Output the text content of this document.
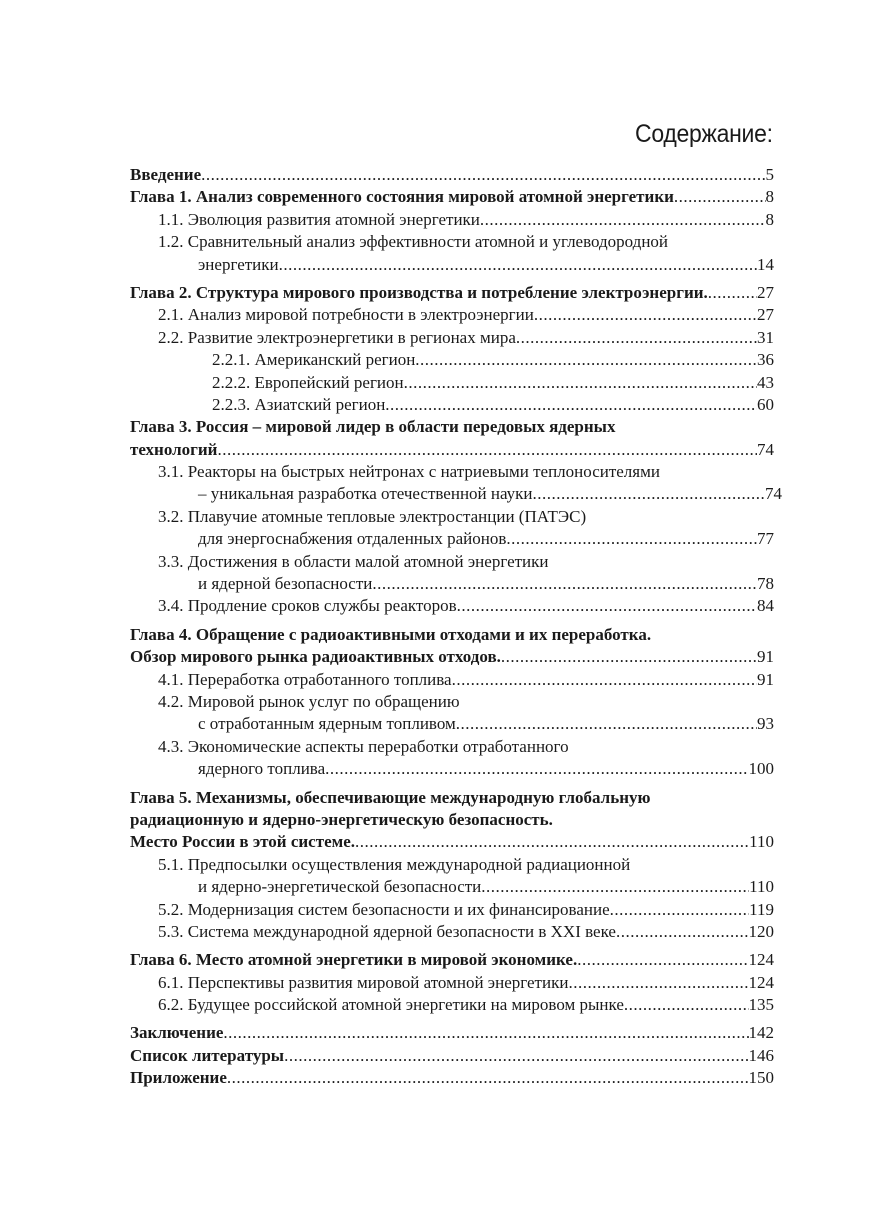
Содержание:
Введение .....	5
Глава 1. Анализ современного состояния мировой атомной энергетики .....	8
1.1. Эволюция развития атомной энергетики .....	8
1.2. Сравнительный анализ эффективности атомной и углеводородной
энергетики .....	14
Глава 2. Структура мирового производства и потребление электроэнергии. .....	27
2.1. Анализ мировой потребности в электроэнергии .....	27
2.2. Развитие электроэнергетики в регионах мира .....	31
2.2.1. Американский регион .....	36
2.2.2. Европейский регион .....	43
2.2.3. Азиатский регион .....	60
Глава 3. Россия – мировой лидер в области передовых ядерных
технологий .....	74
3.1. Реакторы на быстрых нейтронах с натриевыми теплоносителями
– уникальная разработка отечественной науки .....	74
3.2. Плавучие атомные тепловые электростанции (ПАТЭС)
для энергоснабжения отдаленных районов .....	77
3.3. Достижения в области малой атомной энергетики
и ядерной безопасности .....	78
3.4. Продление сроков службы реакторов .....	84
Глава 4. Обращение с радиоактивными отходами и их переработка.
Обзор мирового рынка радиоактивных отходов. .....	91
4.1. Переработка отработанного топлива .....	91
4.2. Мировой рынок услуг по обращению
с отработанным ядерным топливом .....	93
4.3. Экономические аспекты переработки отработанного
ядерного топлива .....	100
Глава 5. Механизмы, обеспечивающие международную глобальную
радиационную и ядерно-энергетическую безопасность.
Место России в этой системе. .....	110
5.1. Предпосылки осуществления международной радиационной
и ядерно-энергетической безопасности .....	110
5.2. Модернизация систем безопасности и их финансирование .....	119
5.3. Система международной ядерной безопасности в XXI веке .....	120
Глава 6. Место атомной энергетики в мировой экономике. .....	124
6.1. Перспективы развития мировой атомной энергетики .....	124
6.2. Будущее российской атомной энергетики на мировом рынке .....	135
Заключение .....	142
Список литературы .....	146
Приложение .....	150
